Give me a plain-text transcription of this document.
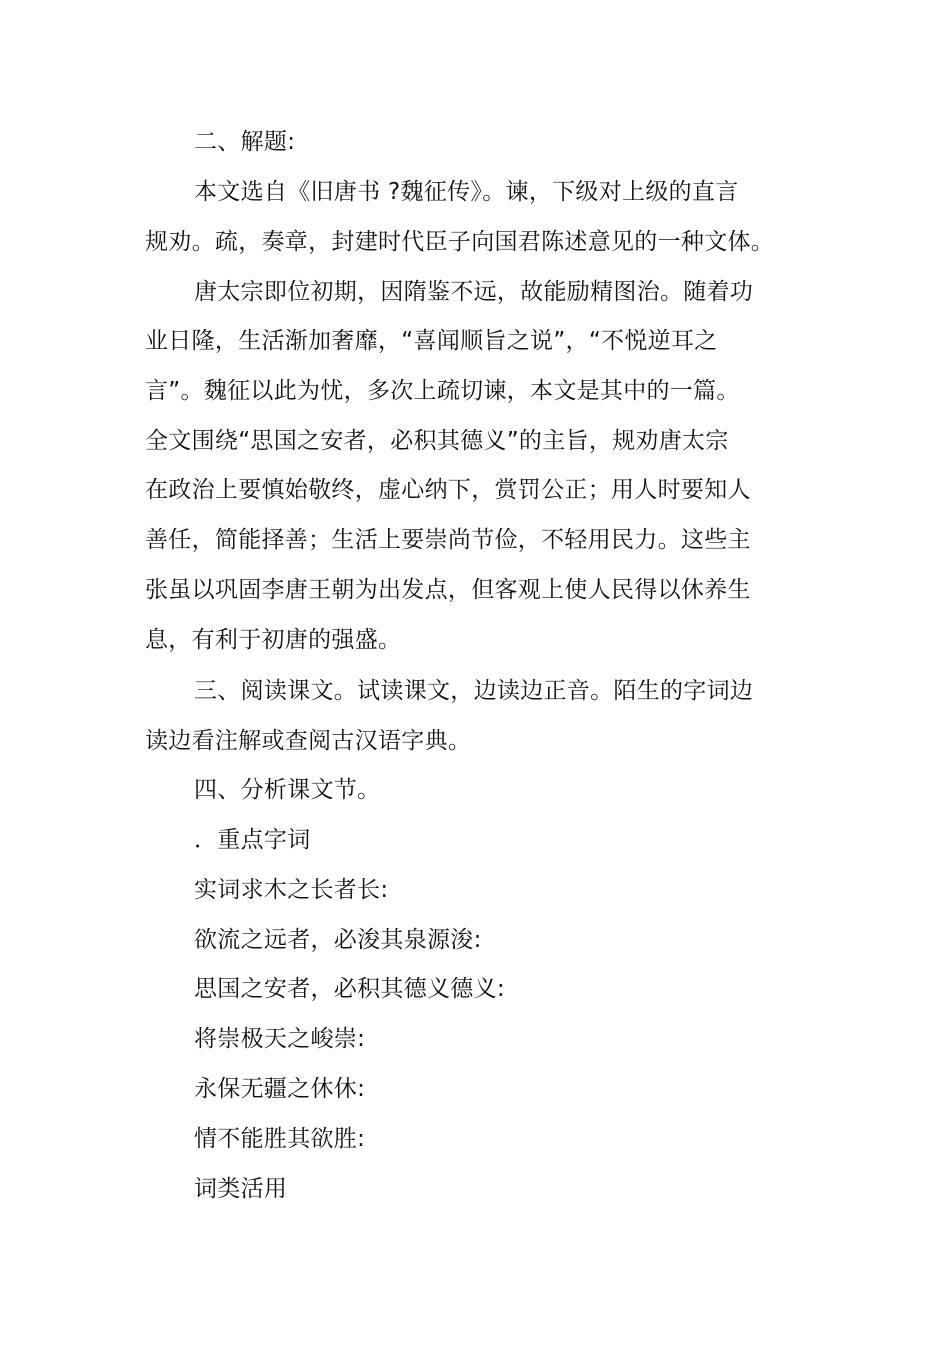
二、解题:
本文选自《旧唐书 ?魏征传》。谏，下级对上级的直言
规劝。疏，奏章，封建时代臣子向国君陈述意见的一种文体。
唐太宗即位初期，因隋鉴不远，故能励精图治。随着功
业日隆，生活渐加奢靡，“喜闻顺旨之说”，“不悦逆耳之
言”。魏征以此为忧，多次上疏切谏，本文是其中的一篇。
全文围绕“思国之安者，必积其德义”的主旨，规劝唐太宗
在政治上要慎始敬终，虚心纳下，赏罚公正；用人时要知人
善任，简能择善；生活上要崇尚节俭，不轻用民力。这些主
张虽以巩固李唐王朝为出发点，但客观上使人民得以休养生
息，有利于初唐的强盛。
三、阅读课文。试读课文，边读边正音。陌生的字词边
读边看注解或查阅古汉语字典。
四、分析课文节。
．重点字词
实词求木之长者长:
欲流之远者，必浚其泉源浚:
思国之安者，必积其德义德义:
将崇极天之峻崇:
永保无疆之休休:
情不能胜其欲胜:
词类活用
